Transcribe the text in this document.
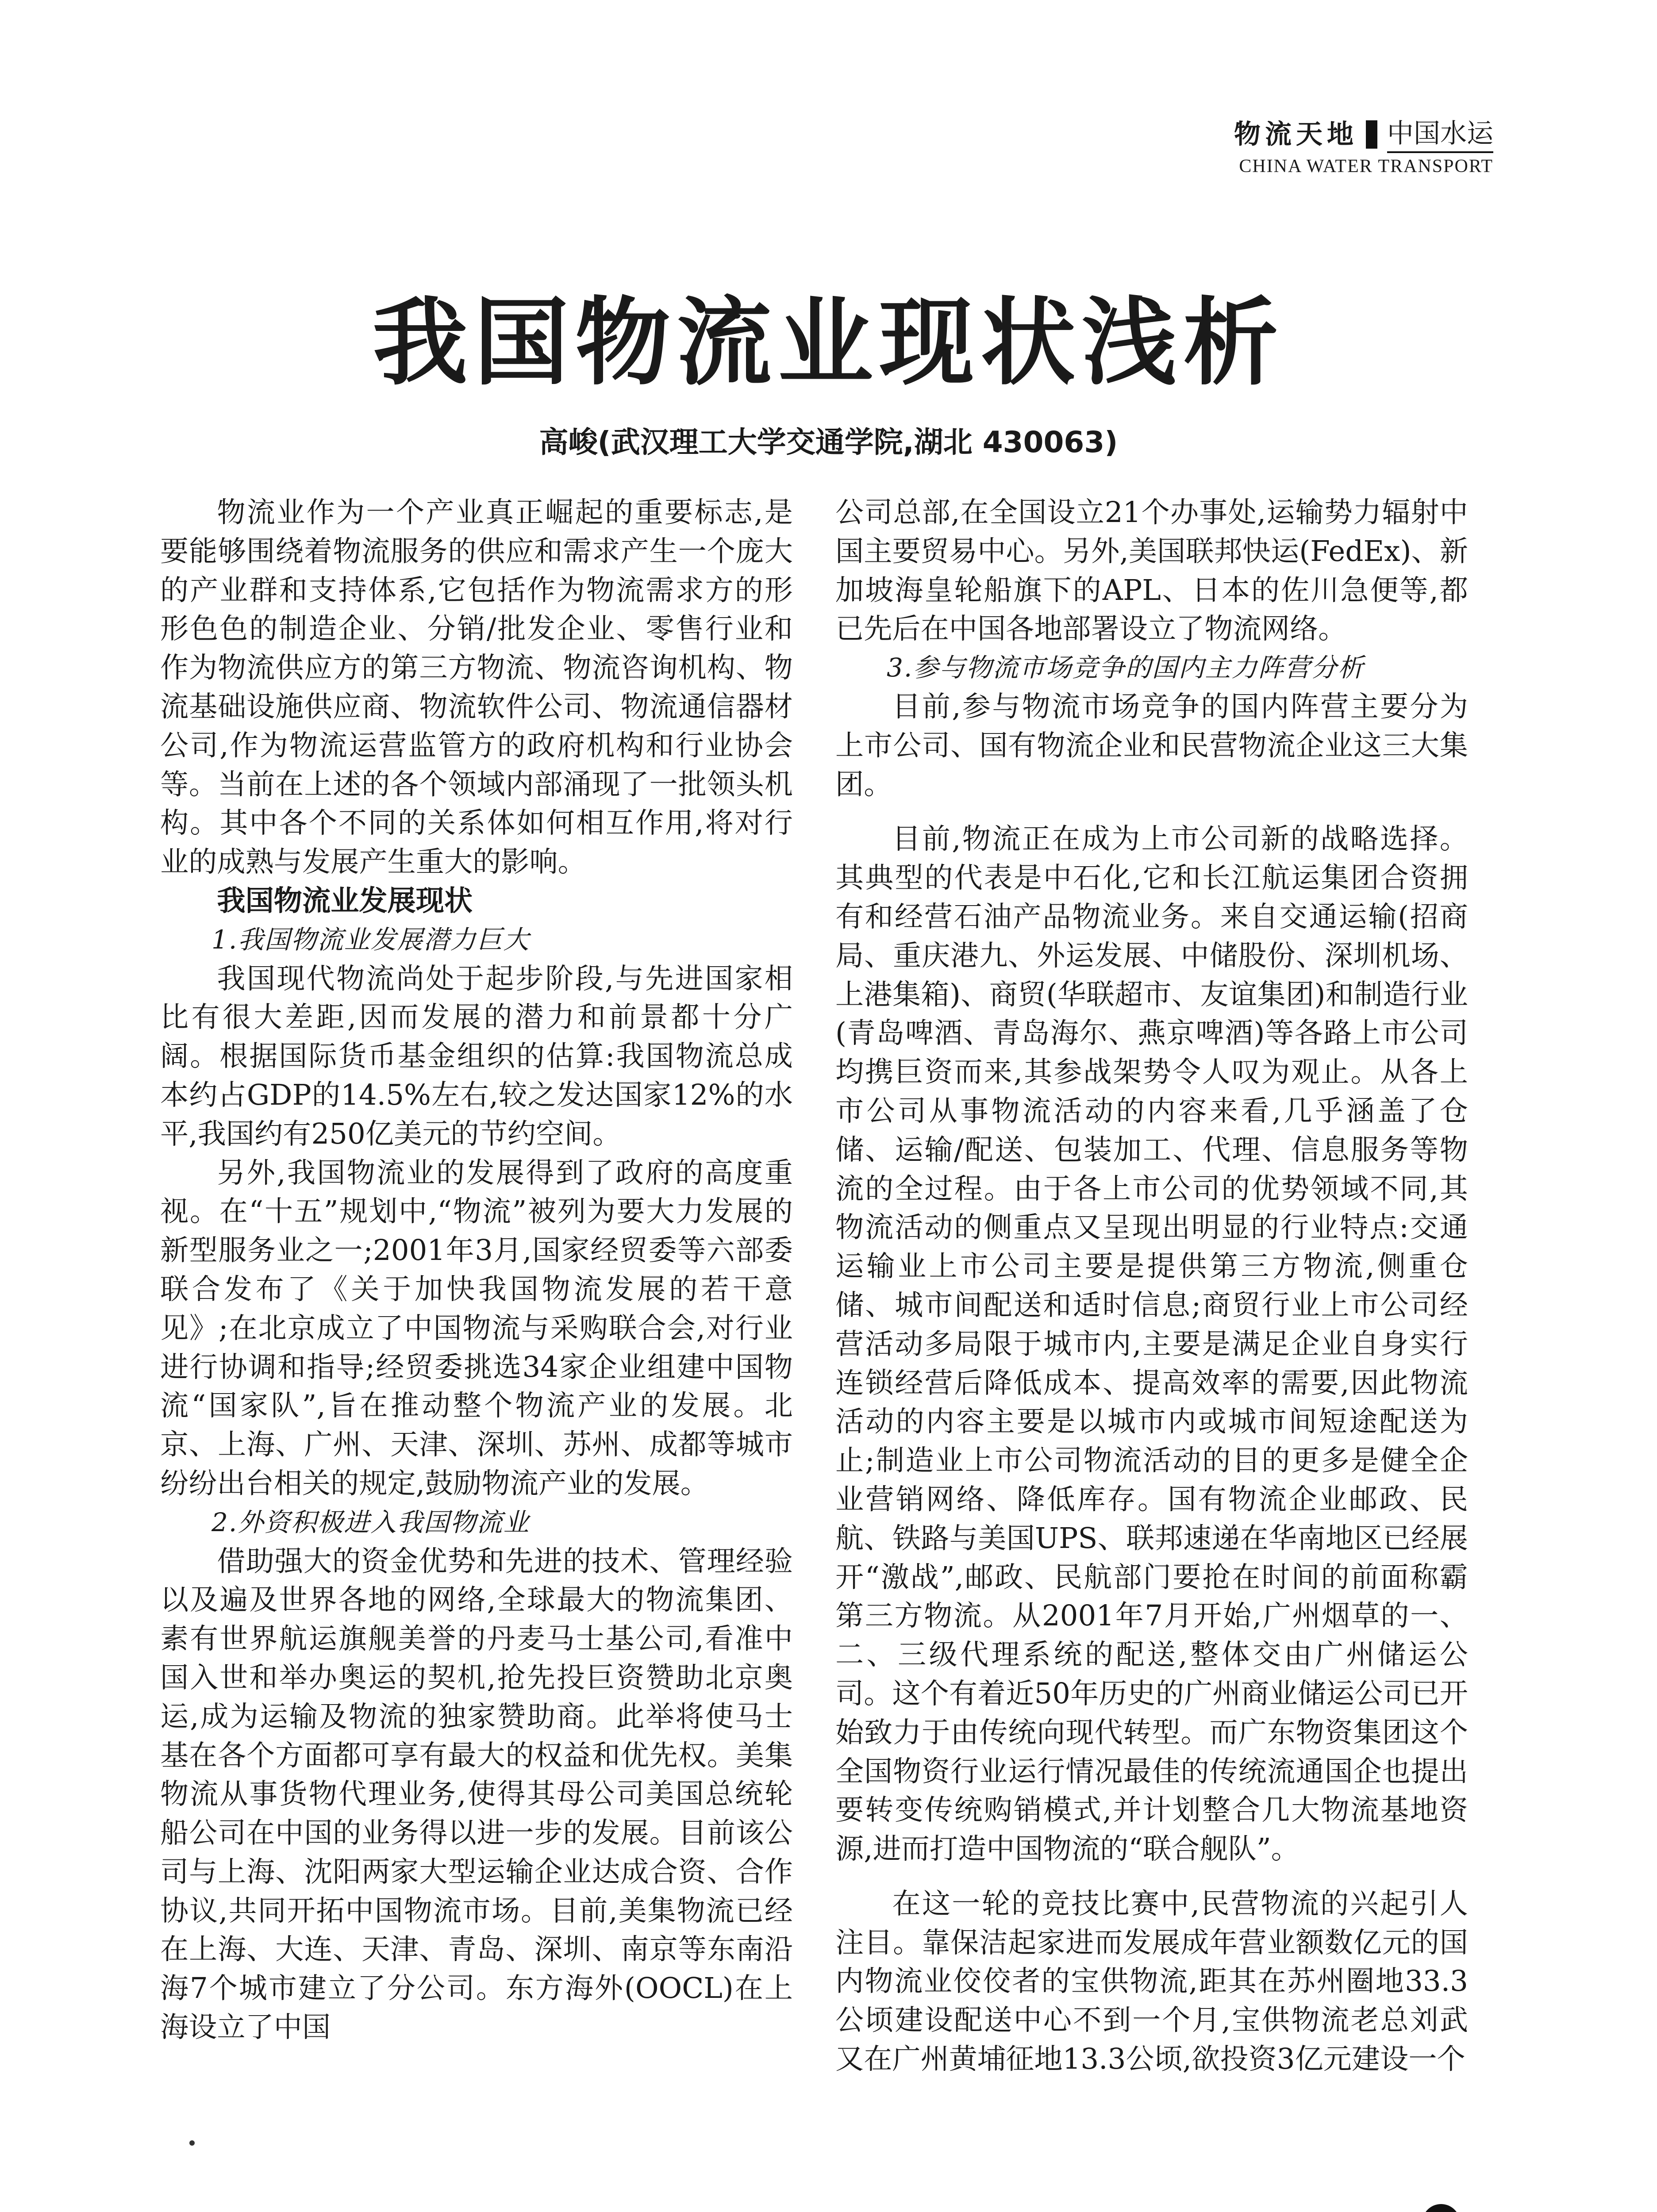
物流天地 中国水运
CHINA WATER TRANSPORT
我国物流业现状浅析
高峻(武汉理工大学交通学院,湖北 430063)

物流业作为一个产业真正崛起的重要标志,是要能够围绕着物流服务的供应和需求产生一个庞大的产业群和支持体系,它包括作为物流需求方的形形色色的制造企业、分销/批发企业、零售行业和作为物流供应方的第三方物流、物流咨询机构、物流基础设施供应商、物流软件公司、物流通信器材公司,作为物流运营监管方的政府机构和行业协会等。当前在上述的各个领域内部涌现了一批领头机构。其中各个不同的关系体如何相互作用,将对行业的成熟与发展产生重大的影响。

我国物流业发展现状

1.我国物流业发展潜力巨大

我国现代物流尚处于起步阶段,与先进国家相比有很大差距,因而发展的潜力和前景都十分广阔。根据国际货币基金组织的估算:我国物流总成本约占GDP的14.5%左右,较之发达国家12%的水平,我国约有250亿美元的节约空间。

另外,我国物流业的发展得到了政府的高度重视。在“十五”规划中,“物流”被列为要大力发展的新型服务业之一;2001年3月,国家经贸委等六部委联合发布了《关于加快我国物流发展的若干意见》;在北京成立了中国物流与采购联合会,对行业进行协调和指导;经贸委挑选34家企业组建中国物流“国家队”,旨在推动整个物流产业的发展。北京、上海、广州、天津、深圳、苏州、成都等城市纷纷出台相关的规定,鼓励物流产业的发展。

2.外资积极进入我国物流业

借助强大的资金优势和先进的技术、管理经验以及遍及世界各地的网络,全球最大的物流集团、素有世界航运旗舰美誉的丹麦马士基公司,看准中国入世和举办奥运的契机,抢先投巨资赞助北京奥运,成为运输及物流的独家赞助商。此举将使马士基在各个方面都可享有最大的权益和优先权。美集物流从事货物代理业务,使得其母公司美国总统轮船公司在中国的业务得以进一步的发展。目前该公司与上海、沈阳两家大型运输企业达成合资、合作协议,共同开拓中国物流市场。目前,美集物流已经在上海、大连、天津、青岛、深圳、南京等东南沿海7个城市建立了分公司。东方海外(OOCL)在上海设立了中国

公司总部,在全国设立21个办事处,运输势力辐射中国主要贸易中心。另外,美国联邦快运(FedEx)、新加坡海皇轮船旗下的APL、日本的佐川急便等,都已先后在中国各地部署设立了物流网络。

3.参与物流市场竞争的国内主力阵营分析

目前,参与物流市场竞争的国内阵营主要分为上市公司、国有物流企业和民营物流企业这三大集团。

目前,物流正在成为上市公司新的战略选择。其典型的代表是中石化,它和长江航运集团合资拥有和经营石油产品物流业务。来自交通运输(招商局、重庆港九、外运发展、中储股份、深圳机场、上港集箱)、商贸(华联超市、友谊集团)和制造行业(青岛啤酒、青岛海尔、燕京啤酒)等各路上市公司均携巨资而来,其参战架势令人叹为观止。从各上市公司从事物流活动的内容来看,几乎涵盖了仓储、运输/配送、包装加工、代理、信息服务等物流的全过程。由于各上市公司的优势领域不同,其物流活动的侧重点又呈现出明显的行业特点:交通运输业上市公司主要是提供第三方物流,侧重仓储、城市间配送和适时信息;商贸行业上市公司经营活动多局限于城市内,主要是满足企业自身实行连锁经营后降低成本、提高效率的需要,因此物流活动的内容主要是以城市内或城市间短途配送为止;制造业上市公司物流活动的目的更多是健全企业营销网络、降低库存。国有物流企业邮政、民航、铁路与美国UPS、联邦速递在华南地区已经展开“激战”,邮政、民航部门要抢在时间的前面称霸第三方物流。从2001年7月开始,广州烟草的一、二、三级代理系统的配送,整体交由广州储运公司。这个有着近50年历史的广州商业储运公司已开始致力于由传统向现代转型。而广东物资集团这个全国物资行业运行情况最佳的传统流通国企也提出要转变传统购销模式,并计划整合几大物流基地资源,进而打造中国物流的“联合舰队”。

在这一轮的竞技比赛中,民营物流的兴起引人注目。靠保洁起家进而发展成年营业额数亿元的国内物流业佼佼者的宝供物流,距其在苏州圈地33.3公顷建设配送中心不到一个月,宝供物流老总刘武又在广州黄埔征地13.3公顷,欲投资3亿元建设一个
